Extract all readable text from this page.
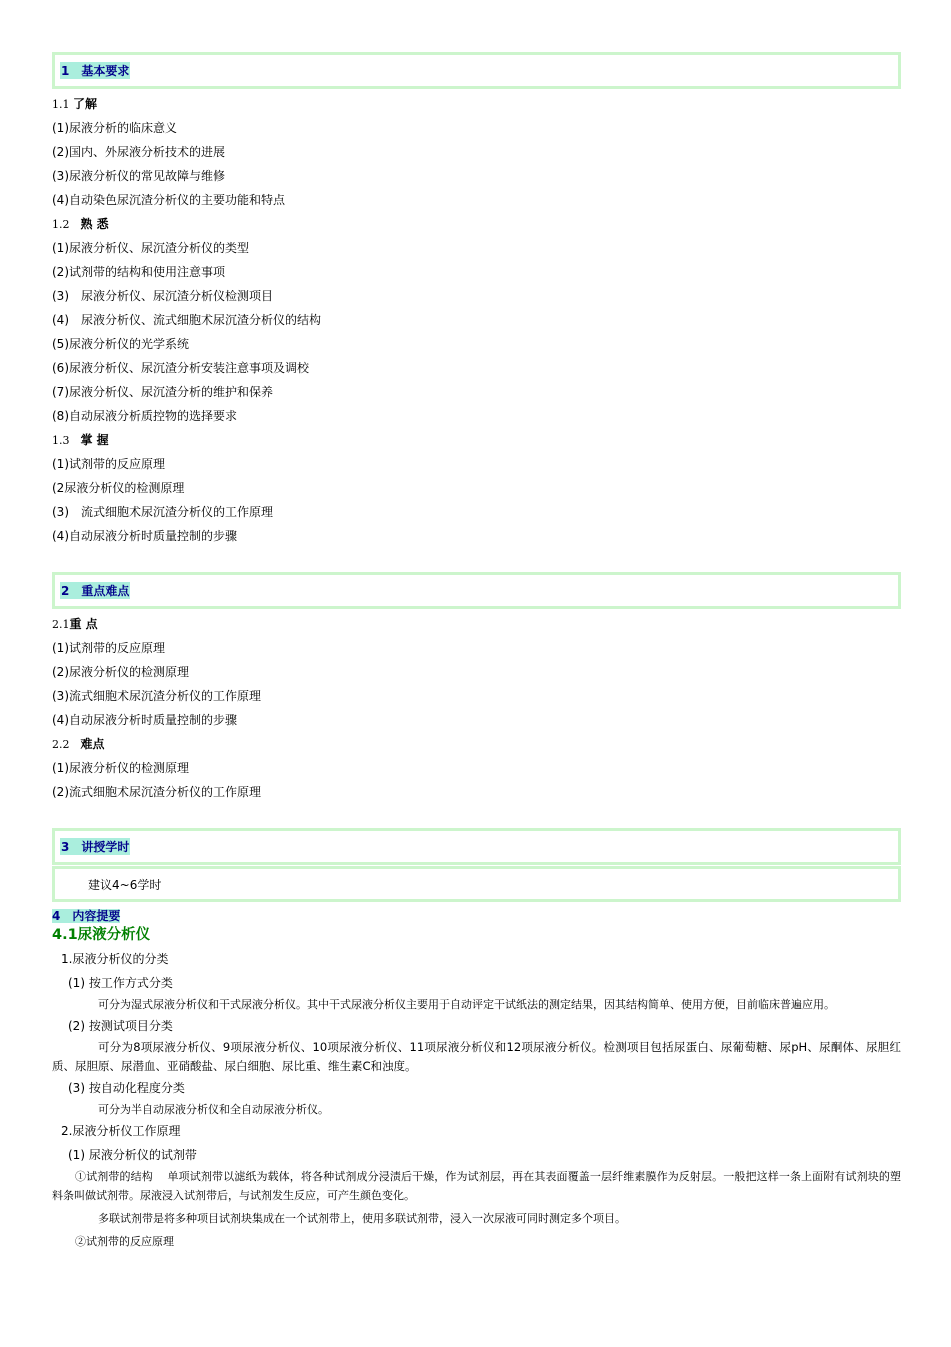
1　基本要求
1.1 了解
(1)尿液分析的临床意义
(2)国内、外尿液分析技术的进展
(3)尿液分析仪的常见故障与维修
(4)自动染色尿沉渣分析仪的主要功能和特点
1.2　熟 悉
(1)尿液分析仪、尿沉渣分析仪的类型
(2)试剂带的结构和使用注意事项
(3)　尿液分析仪、尿沉渣分析仪检测项目
(4)　尿液分析仪、流式细胞术尿沉渣分析仪的结构
(5)尿液分析仪的光学系统
(6)尿液分析仪、尿沉渣分析安装注意事项及调校
(7)尿液分析仪、尿沉渣分析的维护和保养
(8)自动尿液分析质控物的选择要求
1.3　掌 握
(1)试剂带的反应原理
(2尿液分析仪的检测原理
(3)　流式细胞术尿沉渣分析仪的工作原理
(4)自动尿液分析时质量控制的步骤
2　重点难点
2.1重 点
(1)试剂带的反应原理
(2)尿液分析仪的检测原理
(3)流式细胞术尿沉渣分析仪的工作原理
(4)自动尿液分析时质量控制的步骤
2.2　难点
(1)尿液分析仪的检测原理
(2)流式细胞术尿沉渣分析仪的工作原理
3　讲授学时
建议4~6学时
4　内容提要
4.1尿液分析仪
1.尿液分析仪的分类
(1) 按工作方式分类

可分为湿式尿液分析仪和干式尿液分析仪。其中干式尿液分析仪主要用于自动评定干试纸法的测定结果，因其结构简单、使用方便，目前临床普遍应用。

(2) 按测试项目分类

可分为8项尿液分析仪、9项尿液分析仪、10项尿液分析仪、11项尿液分析仪和12项尿液分析仪。检测项目包括尿蛋白、尿葡萄糖、尿pH、尿酮体、尿胆红质、尿胆原、尿潜血、亚硝酸盐、尿白细胞、尿比重、维生素C和浊度。

(3) 按自动化程度分类

可分为半自动尿液分析仪和全自动尿液分析仪。

2.尿液分析仪工作原理
(1) 尿液分析仪的试剂带

①试剂带的结构　 单项试剂带以滤纸为载体，将各种试剂成分浸渍后干燥，作为试剂层，再在其表面覆盖一层纤维素膜作为反射层。一般把这样一条上面附有试剂块的塑料条叫做试剂带。尿液浸入试剂带后，与试剂发生反应，可产生颜色变化。

多联试剂带是将多种项目试剂块集成在一个试剂带上，使用多联试剂带，浸入一次尿液可同时测定多个项目。

②试剂带的反应原理
